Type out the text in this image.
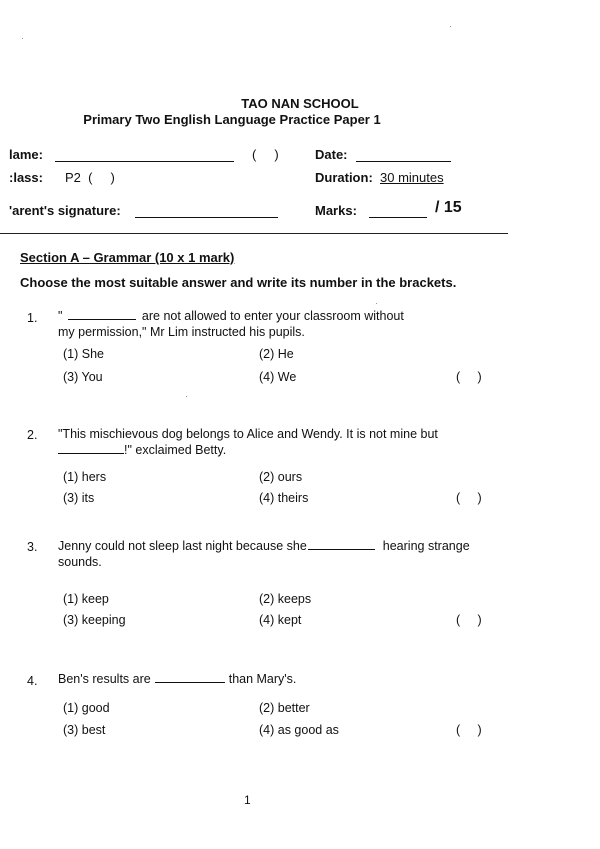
TAO NAN SCHOOL
Primary Two English Language Practice Paper 1
lame:	(     )	Date:
:lass: P2  (     )	Duration: 30 minutes
'arent's signature:	Marks:	/ 15
Section A – Grammar (10 x 1 mark)
Choose the most suitable answer and write its number in the brackets.
1. "	are not allowed to enter your classroom without
my permission," Mr Lim instructed his pupils.
(1) She	(2) He
(3) You	(4) We	(     )
2. "This mischievous dog belongs to Alice and Wendy. It is not mine but
!" exclaimed Betty.
(1) hers	(2) ours
(3) its	(4) theirs	(     )
3. Jenny could not sleep last night because she	hearing strange
sounds.
(1) keep	(2) keeps
(3) keeping	(4) kept	(     )
4. Ben's results are	than Mary's.
(1) good	(2) better
(3) best	(4) as good as	(     )
1
